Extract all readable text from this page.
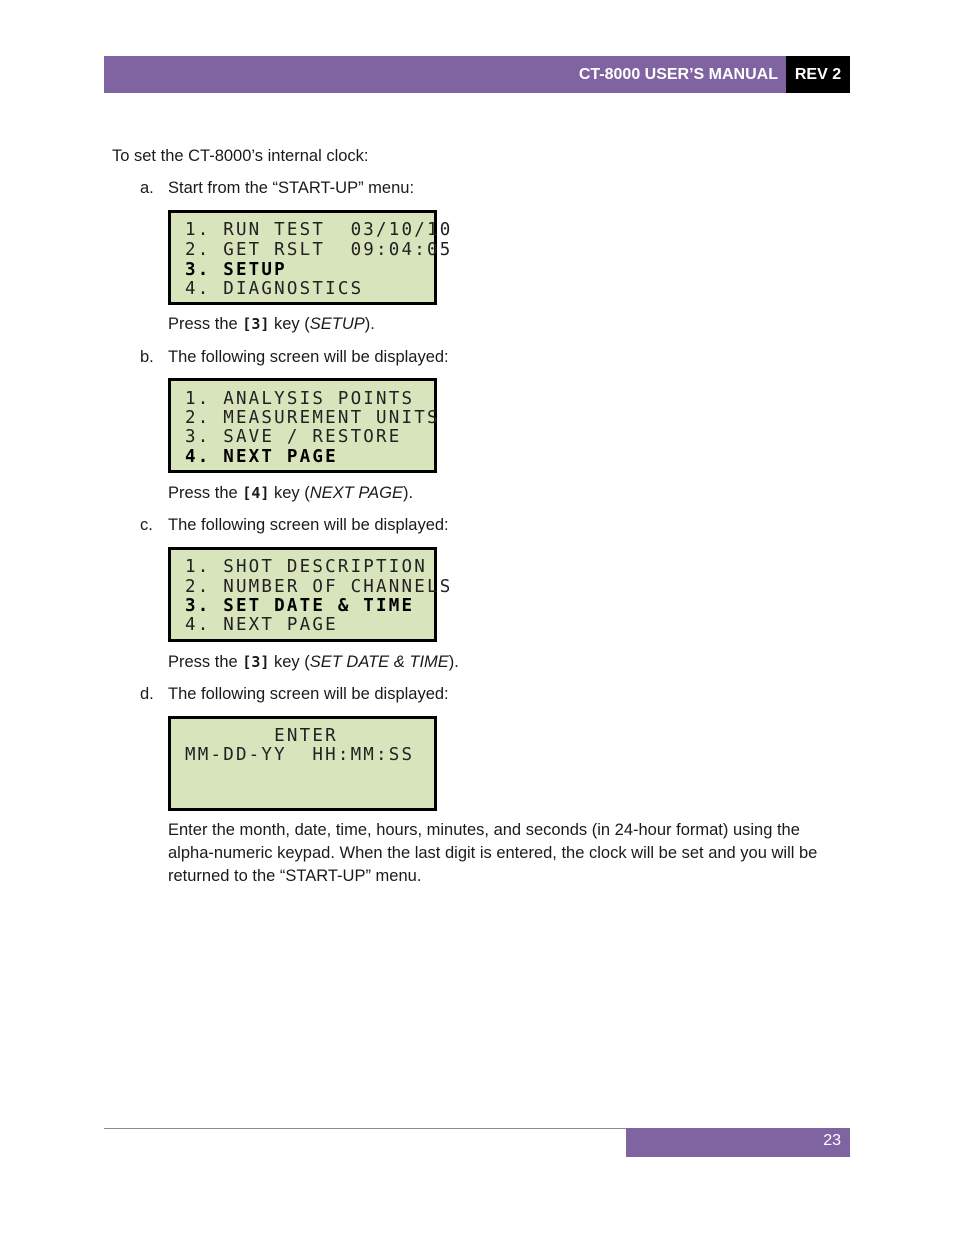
CT-8000 USER’S MANUAL	REV 2
To set the CT-8000’s internal clock:
a. Start from the “START-UP” menu:
1. RUN TEST  03/10/10
2. GET RSLT  09:04:05
3. SETUP
4. DIAGNOSTICS
Press the [3] key (SETUP).
b. The following screen will be displayed:
1. ANALYSIS POINTS
2. MEASUREMENT UNITS
3. SAVE / RESTORE
4. NEXT PAGE
Press the [4] key (NEXT PAGE).
c. The following screen will be displayed:
1. SHOT DESCRIPTION
2. NUMBER OF CHANNELS
3. SET DATE & TIME
4. NEXT PAGE
Press the [3] key (SET DATE & TIME).
d. The following screen will be displayed:
ENTER
MM-DD-YY  HH:MM:SS
Enter the month, date, time, hours, minutes, and seconds (in 24-hour format) using the alpha-numeric keypad. When the last digit is entered, the clock will be set and you will be returned to the “START-UP” menu.
23
